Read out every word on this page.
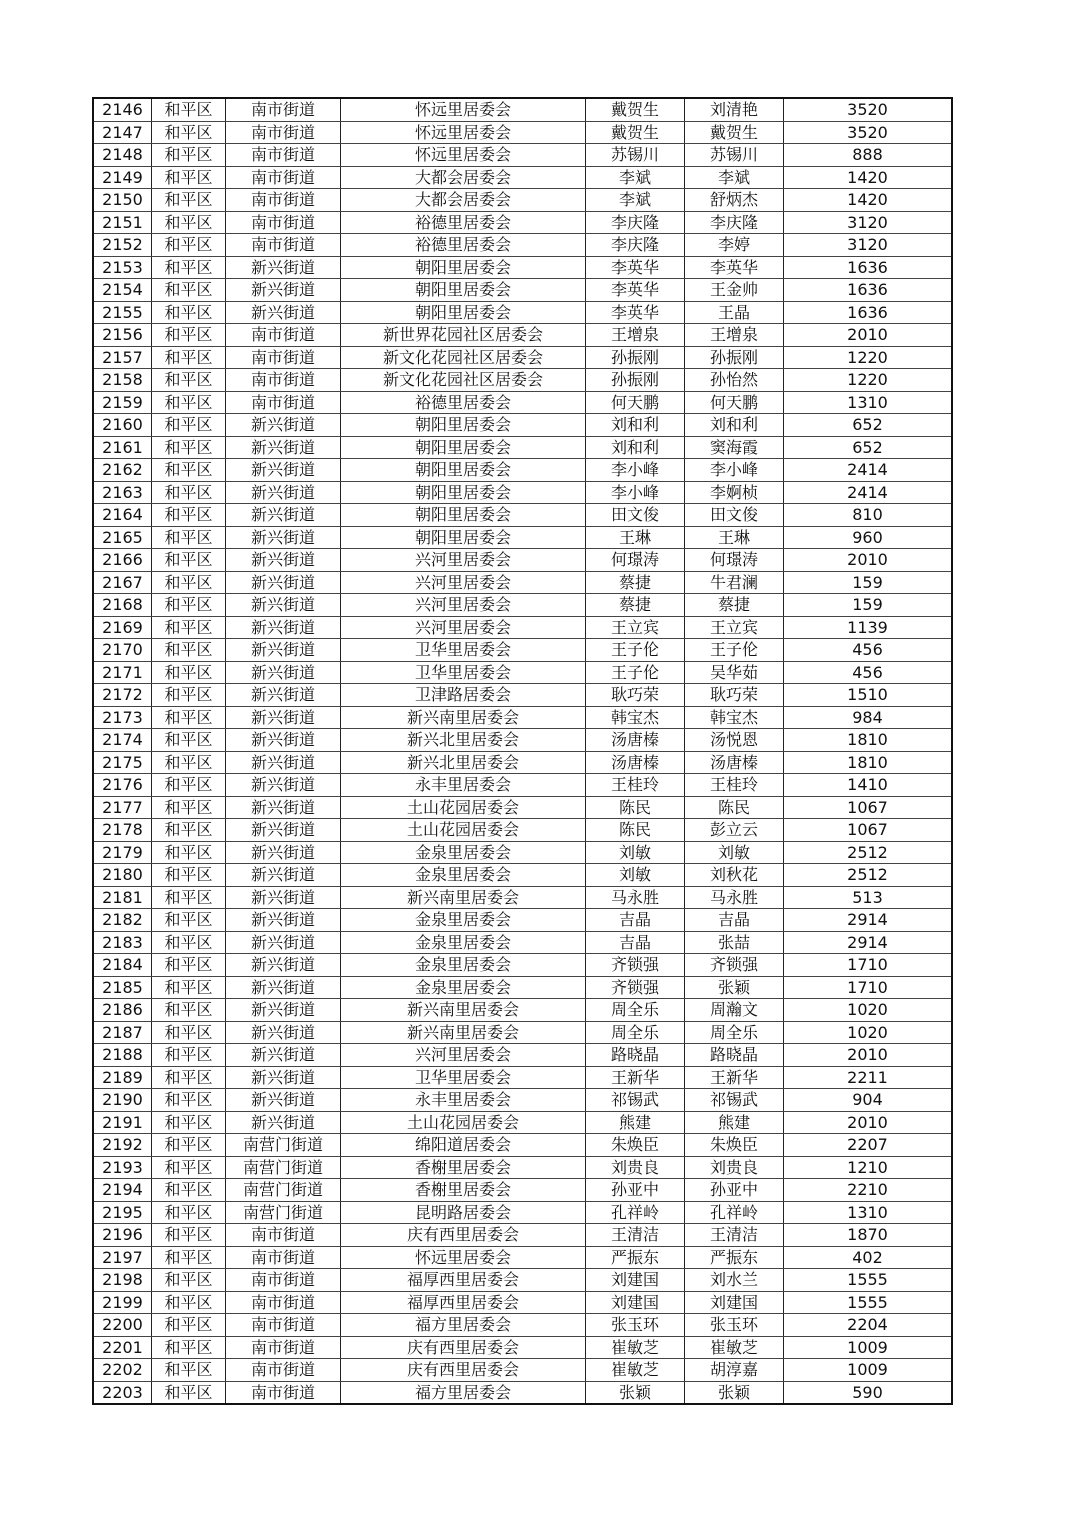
2146	和平区	南市街道	怀远里居委会	戴贺生	刘清艳	3520
2147	和平区	南市街道	怀远里居委会	戴贺生	戴贺生	3520
2148	和平区	南市街道	怀远里居委会	苏锡川	苏锡川	888
2149	和平区	南市街道	大都会居委会	李斌	李斌	1420
2150	和平区	南市街道	大都会居委会	李斌	舒炳杰	1420
2151	和平区	南市街道	裕德里居委会	李庆隆	李庆隆	3120
2152	和平区	南市街道	裕德里居委会	李庆隆	李婷	3120
2153	和平区	新兴街道	朝阳里居委会	李英华	李英华	1636
2154	和平区	新兴街道	朝阳里居委会	李英华	王金帅	1636
2155	和平区	新兴街道	朝阳里居委会	李英华	王晶	1636
2156	和平区	南市街道	新世界花园社区居委会	王增泉	王增泉	2010
2157	和平区	南市街道	新文化花园社区居委会	孙振刚	孙振刚	1220
2158	和平区	南市街道	新文化花园社区居委会	孙振刚	孙怡然	1220
2159	和平区	南市街道	裕德里居委会	何天鹏	何天鹏	1310
2160	和平区	新兴街道	朝阳里居委会	刘和利	刘和利	652
2161	和平区	新兴街道	朝阳里居委会	刘和利	窦海霞	652
2162	和平区	新兴街道	朝阳里居委会	李小峰	李小峰	2414
2163	和平区	新兴街道	朝阳里居委会	李小峰	李婀桢	2414
2164	和平区	新兴街道	朝阳里居委会	田文俊	田文俊	810
2165	和平区	新兴街道	朝阳里居委会	王琳	王琳	960
2166	和平区	新兴街道	兴河里居委会	何璟涛	何璟涛	2010
2167	和平区	新兴街道	兴河里居委会	蔡捷	牛君澜	159
2168	和平区	新兴街道	兴河里居委会	蔡捷	蔡捷	159
2169	和平区	新兴街道	兴河里居委会	王立宾	王立宾	1139
2170	和平区	新兴街道	卫华里居委会	王子伦	王子伦	456
2171	和平区	新兴街道	卫华里居委会	王子伦	吴华茹	456
2172	和平区	新兴街道	卫津路居委会	耿巧荣	耿巧荣	1510
2173	和平区	新兴街道	新兴南里居委会	韩宝杰	韩宝杰	984
2174	和平区	新兴街道	新兴北里居委会	汤唐榛	汤悦恩	1810
2175	和平区	新兴街道	新兴北里居委会	汤唐榛	汤唐榛	1810
2176	和平区	新兴街道	永丰里居委会	王桂玲	王桂玲	1410
2177	和平区	新兴街道	土山花园居委会	陈民	陈民	1067
2178	和平区	新兴街道	土山花园居委会	陈民	彭立云	1067
2179	和平区	新兴街道	金泉里居委会	刘敏	刘敏	2512
2180	和平区	新兴街道	金泉里居委会	刘敏	刘秋花	2512
2181	和平区	新兴街道	新兴南里居委会	马永胜	马永胜	513
2182	和平区	新兴街道	金泉里居委会	吉晶	吉晶	2914
2183	和平区	新兴街道	金泉里居委会	吉晶	张喆	2914
2184	和平区	新兴街道	金泉里居委会	齐锁强	齐锁强	1710
2185	和平区	新兴街道	金泉里居委会	齐锁强	张颖	1710
2186	和平区	新兴街道	新兴南里居委会	周全乐	周瀚文	1020
2187	和平区	新兴街道	新兴南里居委会	周全乐	周全乐	1020
2188	和平区	新兴街道	兴河里居委会	路晓晶	路晓晶	2010
2189	和平区	新兴街道	卫华里居委会	王新华	王新华	2211
2190	和平区	新兴街道	永丰里居委会	祁锡武	祁锡武	904
2191	和平区	新兴街道	土山花园居委会	熊建	熊建	2010
2192	和平区	南营门街道	绵阳道居委会	朱焕臣	朱焕臣	2207
2193	和平区	南营门街道	香榭里居委会	刘贵良	刘贵良	1210
2194	和平区	南营门街道	香榭里居委会	孙亚中	孙亚中	2210
2195	和平区	南营门街道	昆明路居委会	孔祥岭	孔祥岭	1310
2196	和平区	南市街道	庆有西里居委会	王清洁	王清洁	1870
2197	和平区	南市街道	怀远里居委会	严振东	严振东	402
2198	和平区	南市街道	福厚西里居委会	刘建国	刘水兰	1555
2199	和平区	南市街道	福厚西里居委会	刘建国	刘建国	1555
2200	和平区	南市街道	福方里居委会	张玉环	张玉环	2204
2201	和平区	南市街道	庆有西里居委会	崔敏芝	崔敏芝	1009
2202	和平区	南市街道	庆有西里居委会	崔敏芝	胡淳嘉	1009
2203	和平区	南市街道	福方里居委会	张颖	张颖	590
